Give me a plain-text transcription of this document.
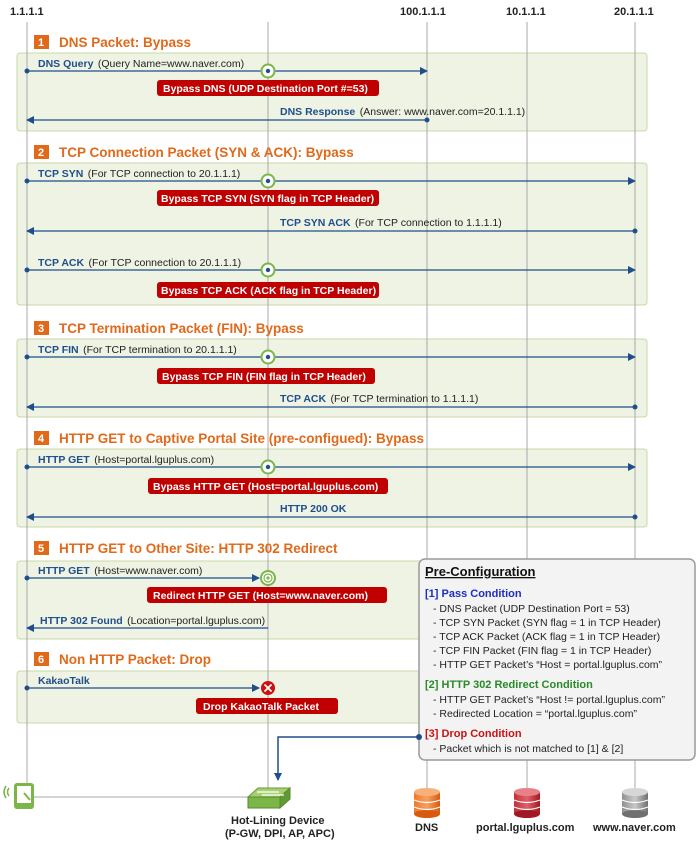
1.1.1.1	100.1.1.1	10.1.1.1	20.1.1.1
1 DNS Packet: Bypass
2 TCP Connection Packet (SYN & ACK): Bypass
3 TCP Termination Packet (FIN): Bypass
4 HTTP GET to Captive Portal Site (pre-configued): Bypass
5 HTTP GET to Other Site: HTTP 302 Redirect
6 Non HTTP Packet: Drop
DNS Query (Query Name=www.naver.com)
Bypass DNS (UDP Destination Port #=53)
DNS Response (Answer: www.naver.com=20.1.1.1)
TCP SYN (For TCP connection to 20.1.1.1)
Bypass TCP SYN (SYN flag in TCP Header)
TCP SYN ACK (For TCP connection to 1.1.1.1)
TCP ACK (For TCP connection to 20.1.1.1)
Bypass TCP ACK (ACK flag in TCP Header)
TCP FIN (For TCP termination to 20.1.1.1)
Bypass TCP FIN (FIN flag in TCP Header)
TCP ACK (For TCP termination to 1.1.1.1)
HTTP GET (Host=portal.lguplus.com)
Bypass HTTP GET (Host=portal.lguplus.com)
HTTP 200 OK
HTTP GET (Host=www.naver.com)
Redirect HTTP GET (Host=www.naver.com)
HTTP 302 Found (Location=portal.lguplus.com)
KakaoTalk
Drop KakaoTalk Packet
Pre-Configuration
[1] Pass Condition
- DNS Packet (UDP Destination Port = 53)
- TCP SYN Packet (SYN flag = 1 in TCP Header)
- TCP ACK Packet (ACK flag = 1 in TCP Header)
- TCP FIN Packet (FIN flag = 1 in TCP Header)
- HTTP GET Packet’s “Host = portal.lguplus.com”
[2] HTTP 302 Redirect Condition
- HTTP GET Packet’s “Host != portal.lguplus.com”
- Redirected Location = “portal.lguplus.com”
[3] Drop Condition
- Packet which is not matched to [1] & [2]
Hot-Lining Device
(P-GW, DPI, AP, APC)	DNS	portal.lguplus.com www.naver.com
